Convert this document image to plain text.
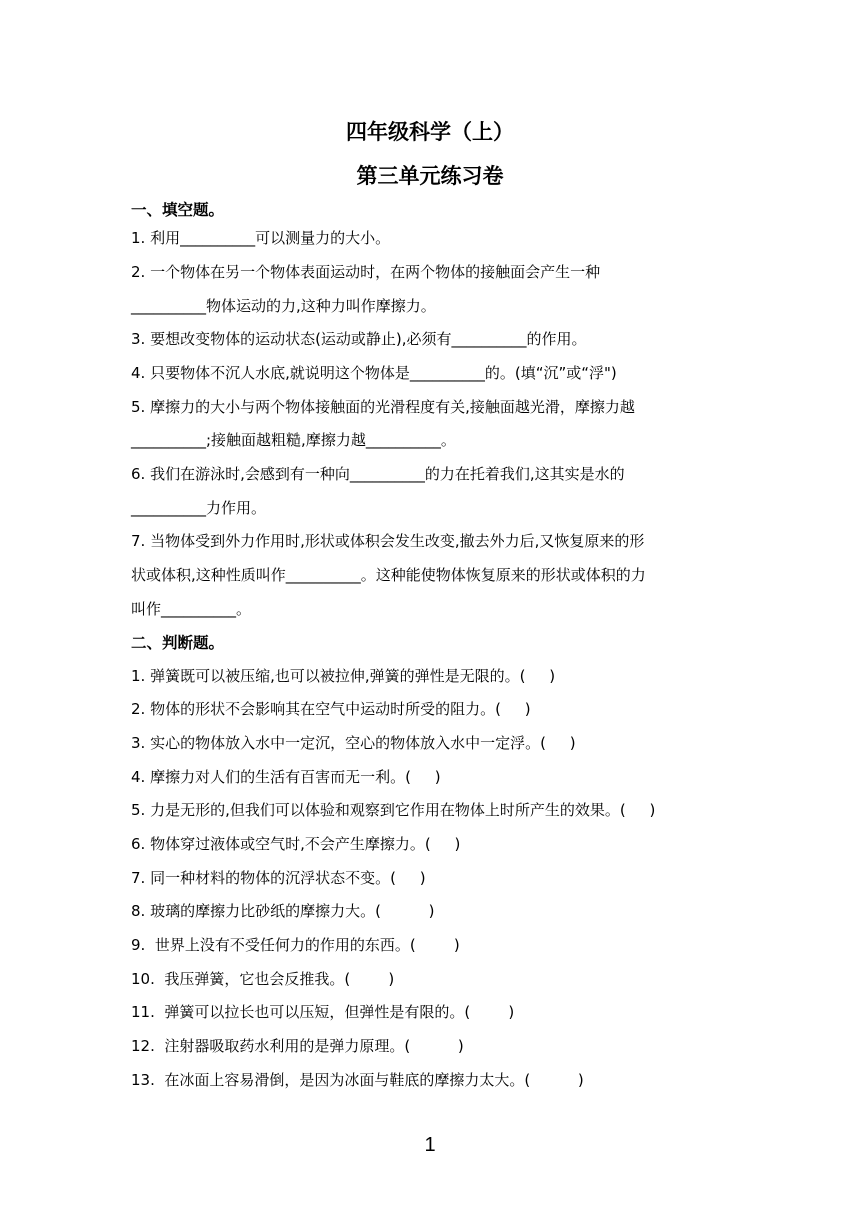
四年级科学（上）
第三单元练习卷
一、填空题。
1. 利用__________可以测量力的大小。
2. 一个物体在另一个物体表面运动时，在两个物体的接触面会产生一种
__________物体运动的力,这种力叫作摩擦力。
3. 要想改变物体的运动状态(运动或静止),必须有__________的作用。
4. 只要物体不沉人水底,就说明这个物体是__________的。(填“沉”或“浮")
5. 摩擦力的大小与两个物体接触面的光滑程度有关,接触面越光滑，摩擦力越
__________;接触面越粗糙,摩擦力越__________。
6. 我们在游泳时,会感到有一种向__________的力在托着我们,这其实是水的
__________力作用。
7. 当物体受到外力作用时,形状或体积会发生改变,撤去外力后,又恢复原来的形
状或体积,这种性质叫作__________。这种能使物体恢复原来的形状或体积的力
叫作__________。
二、判断题。
1. 弹簧既可以被压缩,也可以被拉伸,弹簧的弹性是无限的。(     )
2. 物体的形状不会影响其在空气中运动时所受的阻力。(     )
3. 实心的物体放入水中一定沉，空心的物体放入水中一定浮。(     )
4. 摩擦力对人们的生活有百害而无一利。(     )
5. 力是无形的,但我们可以体验和观察到它作用在物体上时所产生的效果。(     )
6. 物体穿过液体或空气时,不会产生摩擦力。(     )
7. 同一种材料的物体的沉浮状态不变。(     )
8. 玻璃的摩擦力比砂纸的摩擦力大。(          )
9.  世界上没有不受任何力的作用的东西。(        )
10.  我压弹簧，它也会反推我。(        )
11.  弹簧可以拉长也可以压短，但弹性是有限的。(        )
12.  注射器吸取药水利用的是弹力原理。(          )
13.  在冰面上容易滑倒，是因为冰面与鞋底的摩擦力太大。(          )
1
